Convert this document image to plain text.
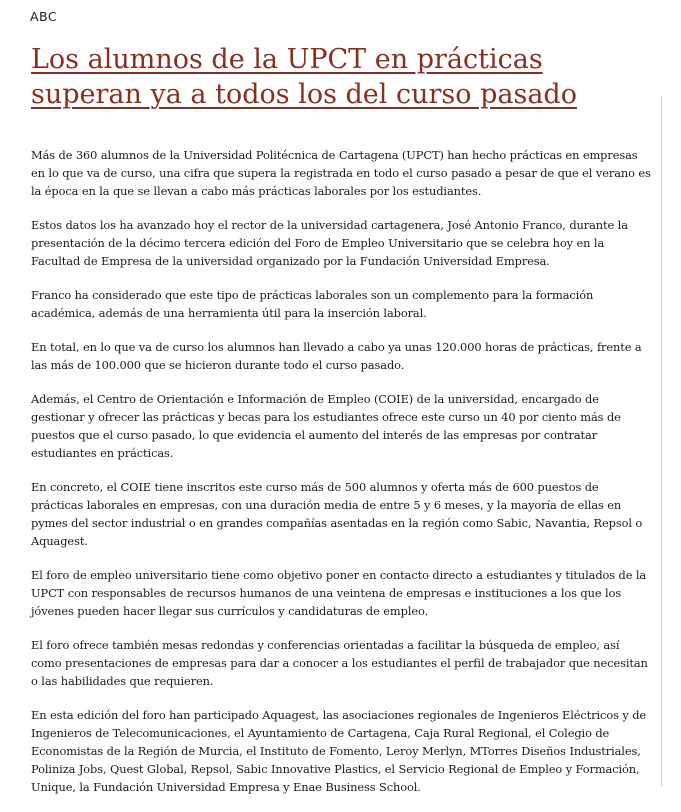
ABC
Los alumnos de la UPCT en prácticas superan ya a todos los del curso pasado

Más de 360 alumnos de la Universidad Politécnica de Cartagena (UPCT) han hecho prácticas en empresas en lo que va de curso, una cifra que supera la registrada en todo el curso pasado a pesar de que el verano es la época en la que se llevan a cabo más prácticas laborales por los estudiantes.

Estos datos los ha avanzado hoy el rector de la universidad cartagenera, José Antonio Franco, durante la presentación de la décimo tercera edición del Foro de Empleo Universitario que se celebra hoy en la Facultad de Empresa de la universidad organizado por la Fundación Universidad Empresa.

Franco ha considerado que este tipo de prácticas laborales son un complemento para la formación académica, además de una herramienta útil para la inserción laboral.

En total, en lo que va de curso los alumnos han llevado a cabo ya unas 120.000 horas de prácticas, frente a las más de 100.000 que se hicieron durante todo el curso pasado.

Además, el Centro de Orientación e Información de Empleo (COIE) de la universidad, encargado de gestionar y ofrecer las prácticas y becas para los estudiantes ofrece este curso un 40 por ciento más de puestos que el curso pasado, lo que evidencia el aumento del interés de las empresas por contratar estudiantes en prácticas.

En concreto, el COIE tiene inscritos este curso más de 500 alumnos y oferta más de 600 puestos de prácticas laborales en empresas, con una duración media de entre 5 y 6 meses, y la mayoría de ellas en pymes del sector industrial o en grandes compañías asentadas en la región como Sabic, Navantia, Repsol o Aquagest.

El foro de empleo universitario tiene como objetivo poner en contacto directo a estudiantes y titulados de la UPCT con responsables de recursos humanos de una veintena de empresas e instituciones a los que los jóvenes pueden hacer llegar sus currículos y candidaturas de empleo.

El foro ofrece también mesas redondas y conferencias orientadas a facilitar la búsqueda de empleo, así como presentaciones de empresas para dar a conocer a los estudiantes el perfil de trabajador que necesitan o las habilidades que requieren.

En esta edición del foro han participado Aquagest, las asociaciones regionales de Ingenieros Eléctricos y de Ingenieros de Telecomunicaciones, el Ayuntamiento de Cartagena, Caja Rural Regional, el Colegio de Economistas de la Región de Murcia, el Instituto de Fomento, Leroy Merlyn, MTorres Diseños Industriales, Poliniza Jobs, Quest Global, Repsol, Sabic Innovative Plastics, el Servicio Regional de Empleo y Formación, Unique, la Fundación Universidad Empresa y Enae Business School.
